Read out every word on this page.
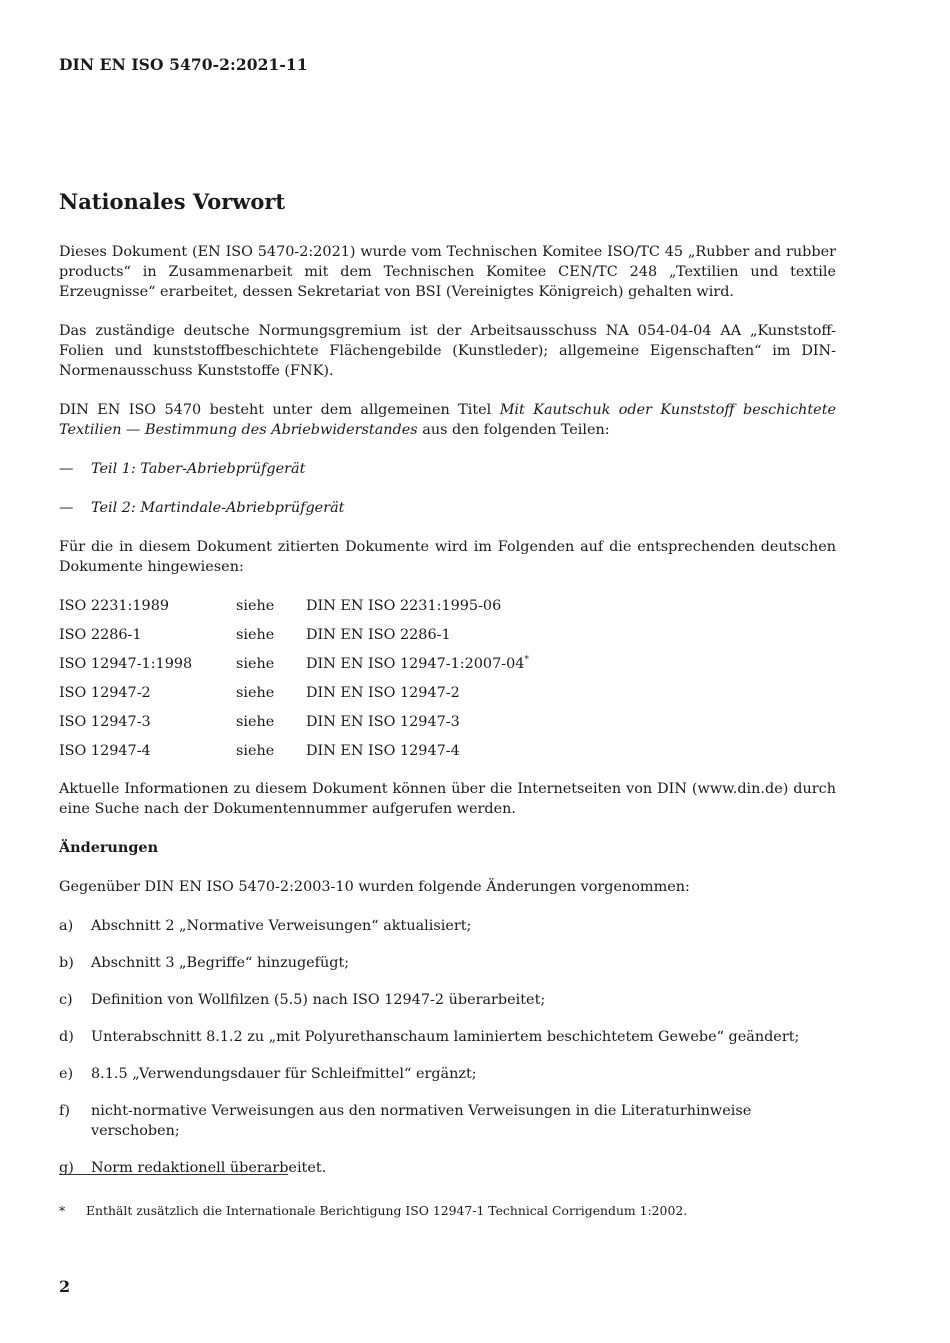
DIN EN ISO 5470-2:2021-11
Nationales Vorwort

Dieses Dokument (EN ISO 5470-2:2021) wurde vom Technischen Komitee ISO/TC 45 „Rubber and rubber products“ in Zusammenarbeit mit dem Technischen Komitee CEN/TC 248 „Textilien und textile Erzeugnisse“ erarbeitet, dessen Sekretariat von BSI (Vereinigtes Königreich) gehalten wird.

Das zuständige deutsche Normungsgremium ist der Arbeitsausschuss NA 054-04-04 AA „Kunststoff-Folien und kunststoffbeschichtete Flächengebilde (Kunstleder); allgemeine Eigenschaften“ im DIN-Normenausschuss Kunststoffe (FNK).

DIN EN ISO 5470 besteht unter dem allgemeinen Titel Mit Kautschuk oder Kunststoff beschichtete Textilien — Bestimmung des Abriebwiderstandes aus den folgenden Teilen:

—	Teil 1: Taber-Abriebprüfgerät
—	Teil 2: Martindale-Abriebprüfgerät

Für die in diesem Dokument zitierten Dokumente wird im Folgenden auf die entsprechenden deutschen Dokumente hingewiesen:

ISO 2231:1989	siehe	DIN EN ISO 2231:1995-06
ISO 2286-1	siehe	DIN EN ISO 2286-1
ISO 12947-1:1998	siehe	DIN EN ISO 12947-1:2007-04*
ISO 12947-2	siehe	DIN EN ISO 12947-2
ISO 12947-3	siehe	DIN EN ISO 12947-3
ISO 12947-4	siehe	DIN EN ISO 12947-4

Aktuelle Informationen zu diesem Dokument können über die Internetseiten von DIN (www.din.de) durch eine Suche nach der Dokumentennummer aufgerufen werden.

Änderungen

Gegenüber DIN EN ISO 5470-2:2003-10 wurden folgende Änderungen vorgenommen:

a)	Abschnitt 2 „Normative Verweisungen“ aktualisiert;
b)	Abschnitt 3 „Begriffe“ hinzugefügt;
c)	Definition von Wollfilzen (5.5) nach ISO 12947-2 überarbeitet;
d)	Unterabschnitt 8.1.2 zu „mit Polyurethanschaum laminiertem beschichtetem Gewebe“ geändert;
e)	8.1.5 „Verwendungsdauer für Schleifmittel“ ergänzt;
f)	nicht-normative Verweisungen aus den normativen Verweisungen in die Literaturhinweise verschoben;
g)	Norm redaktionell überarbeitet.
*	Enthält zusätzlich die Internationale Berichtigung ISO 12947-1 Technical Corrigendum 1:2002.
2
